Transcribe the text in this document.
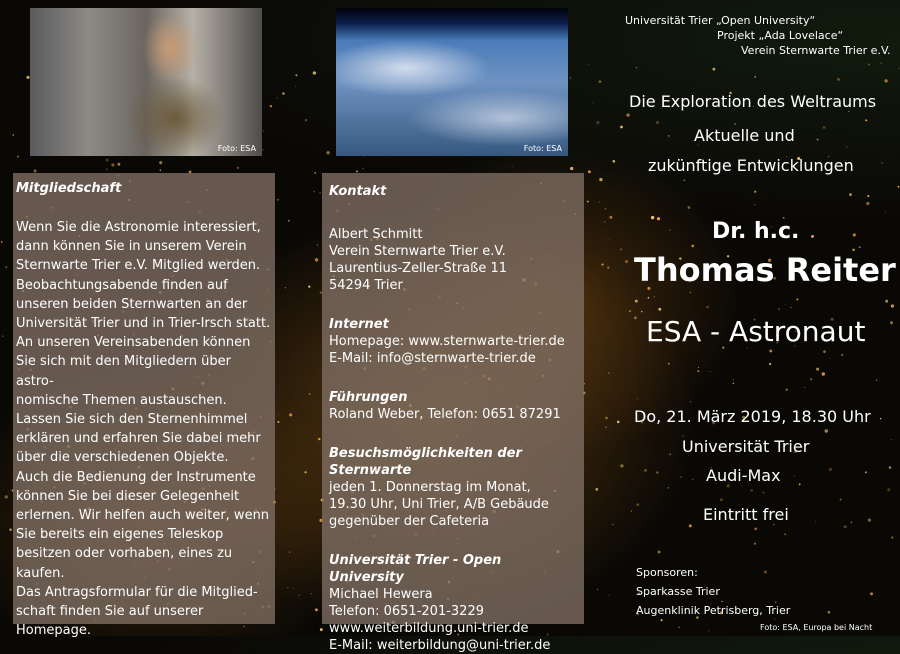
Foto: ESA	Foto: ESA
Universität Trier „Open University“
Projekt „Ada Lovelace“
Verein Sternwarte Trier e.V.
Die Exploration des Weltraums
Aktuelle und
zukünftige Entwicklungen
Dr. h.c.
Thomas Reiter
ESA - Astronaut
Do, 21. März 2019, 18.30 Uhr
Universität Trier
Audi-Max
Eintritt frei
Sponsoren:
Sparkasse Trier
Augenklinik Petrisberg, Trier
Foto: ESA, Europa bei Nacht

Mitgliedschaft

Wenn Sie die Astronomie interessiert,
dann können Sie in unserem Verein
Sternwarte Trier e.V. Mitglied werden.
Beobachtungsabende finden auf
unseren beiden Sternwarten an der
Universität Trier und in Trier-Irsch statt.
An unseren Vereinsabenden können
Sie sich mit den Mitgliedern über astro-
nomische Themen austauschen.
Lassen Sie sich den Sternenhimmel
erklären und erfahren Sie dabei mehr
über die verschiedenen Objekte.
Auch die Bedienung der Instrumente
können Sie bei dieser Gelegenheit
erlernen. Wir helfen auch weiter, wenn
Sie bereits ein eigenes Teleskop
besitzen oder vorhaben, eines zu
kaufen.
Das Antragsformular für die Mitglied-
schaft finden Sie auf unserer
Homepage.

Kontakt
Albert Schmitt
Verein Sternwarte Trier e.V.
Laurentius-Zeller-Straße 11
54294 Trier
Internet
Homepage: www.sternwarte-trier.de
E-Mail: info@sternwarte-trier.de
Führungen
Roland Weber, Telefon: 0651 87291
Besuchsmöglichkeiten der Sternwarte
jeden 1. Donnerstag im Monat,
19.30 Uhr, Uni Trier, A/B Gebäude
gegenüber der Cafeteria
Universität Trier - Open University
Michael Hewera
Telefon: 0651-201-3229
www.weiterbildung.uni-trier.de
E-Mail: weiterbildung@uni-trier.de
